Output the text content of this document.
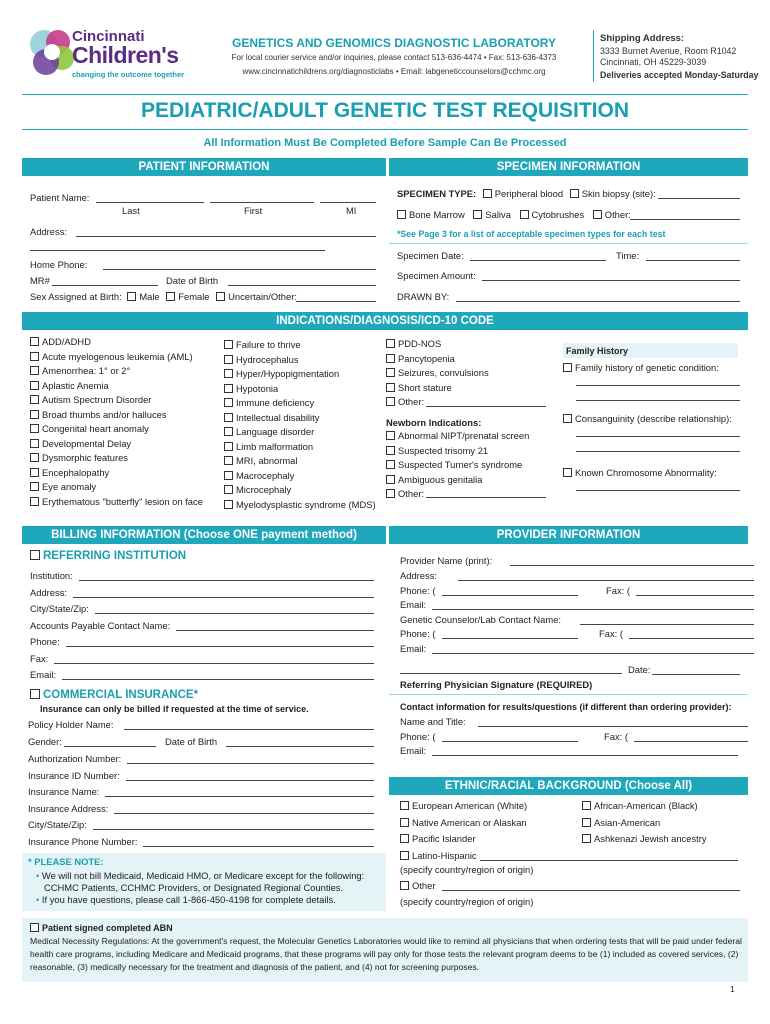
Cincinnati
Children's
changing the outcome together
GENETICS AND GENOMICS DIAGNOSTIC LABORATORY
For local courier service and/or inquiries, please contact 513-636-4474 • Fax: 513-636-4373
www.cincinnatichildrens.org/diagnosticlabs • Email: labgeneticcounselors@cchmc.org
Shipping Address:
3333 Burnet Avenue, Room R1042
Cincinnati, OH 45229-3039
Deliveries accepted Monday-Saturday
PEDIATRIC/ADULT GENETIC TEST REQUISITION
All Information Must Be Completed Before Sample Can Be Processed
PATIENT INFORMATION	SPECIMEN INFORMATION
Patient Name:
Last	First	MI
Address:
Home Phone:
MR#	Date of Birth
Sex Assigned at Birth: Male Female Uncertain/Other:
SPECIMEN TYPE: Peripheral blood Skin biopsy (site):
Bone Marrow Saliva Cytobrushes Other:
*See Page 3 for a list of acceptable specimen types for each test
Specimen Date:	Time:
Specimen Amount:
DRAWN BY:
INDICATIONS/DIAGNOSIS/ICD-10 CODE
ADD/ADHD
Acute myelogenous leukemia (AML)
Amenorrhea: 1° or 2°
Aplastic Anemia
Autism Spectrum Disorder
Broad thumbs and/or halluces
Congenital heart anomaly
Developmental Delay
Dysmorphic features
Encephalopathy
Eye anomaly
Erythematous "butterfly" lesion on face
Failure to thrive
Hydrocephalus
Hyper/Hypopigmentation
Hypotonia
Immune deficiency
Intellectual disability
Language disorder
Limb malformation
MRI, abnormal
Macrocephaly
Microcephaly
Myelodysplastic syndrome (MDS)
PDD-NOS
Pancytopenia
Seizures, convulsions
Short stature
Other:
Newborn Indications:
Abnormal NIPT/prenatal screen
Suspected trisomy 21
Suspected Turner's syndrome
Ambiguous genitalia
Other:
Family History
Family history of genetic condition:
Consanguinity (describe relationship):
Known Chromosome Abnormality:
BILLING INFORMATION (Choose ONE payment method)
REFERRING INSTITUTION
Institution:
Address:
City/State/Zip:
Accounts Payable Contact Name:
Phone:
Fax:
Email:
COMMERCIAL INSURANCE*
Insurance can only be billed if requested at the time of service.
Policy Holder Name:
Gender:	Date of Birth
Authorization Number:
Insurance ID Number:
Insurance Name:
Insurance Address:
City/State/Zip:
Insurance Phone Number:
* PLEASE NOTE:
• We will not bill Medicaid, Medicaid HMO, or Medicare except for the following:
CCHMC Patients, CCHMC Providers, or Designated Regional Counties.
• If you have questions, please call 1-866-450-4198 for complete details.
PROVIDER INFORMATION
Provider Name (print):
Address:
Phone: (	Fax: (
Email:
Genetic Counselor/Lab Contact Name:
Phone: (	Fax: (
Email:
Date:
Referring Physician Signature (REQUIRED)
Contact information for results/questions (if different than ordering provider):
Name and Title:
Phone: (	Fax: (
Email:
ETHNIC/RACIAL BACKGROUND (Choose All)
European American (White)
Native American or Alaskan
Pacific Islander
Latino-Hispanic
African-American (Black)
Asian-American
Ashkenazi Jewish ancestry
(specify country/region of origin)
Other
(specify country/region of origin)
Patient signed completed ABN
Medical Necessity Regulations: At the government's request, the Molecular Genetics Laboratories would like to remind all physicians that when ordering tests that will be paid under federal health care programs, including Medicare and Medicaid programs, that these programs will pay only for those tests the relevant program deems to be (1) included as covered services, (2) reasonable, (3) medically necessary for the treatment and diagnosis of the patient, and (4) not for screening purposes.
1
